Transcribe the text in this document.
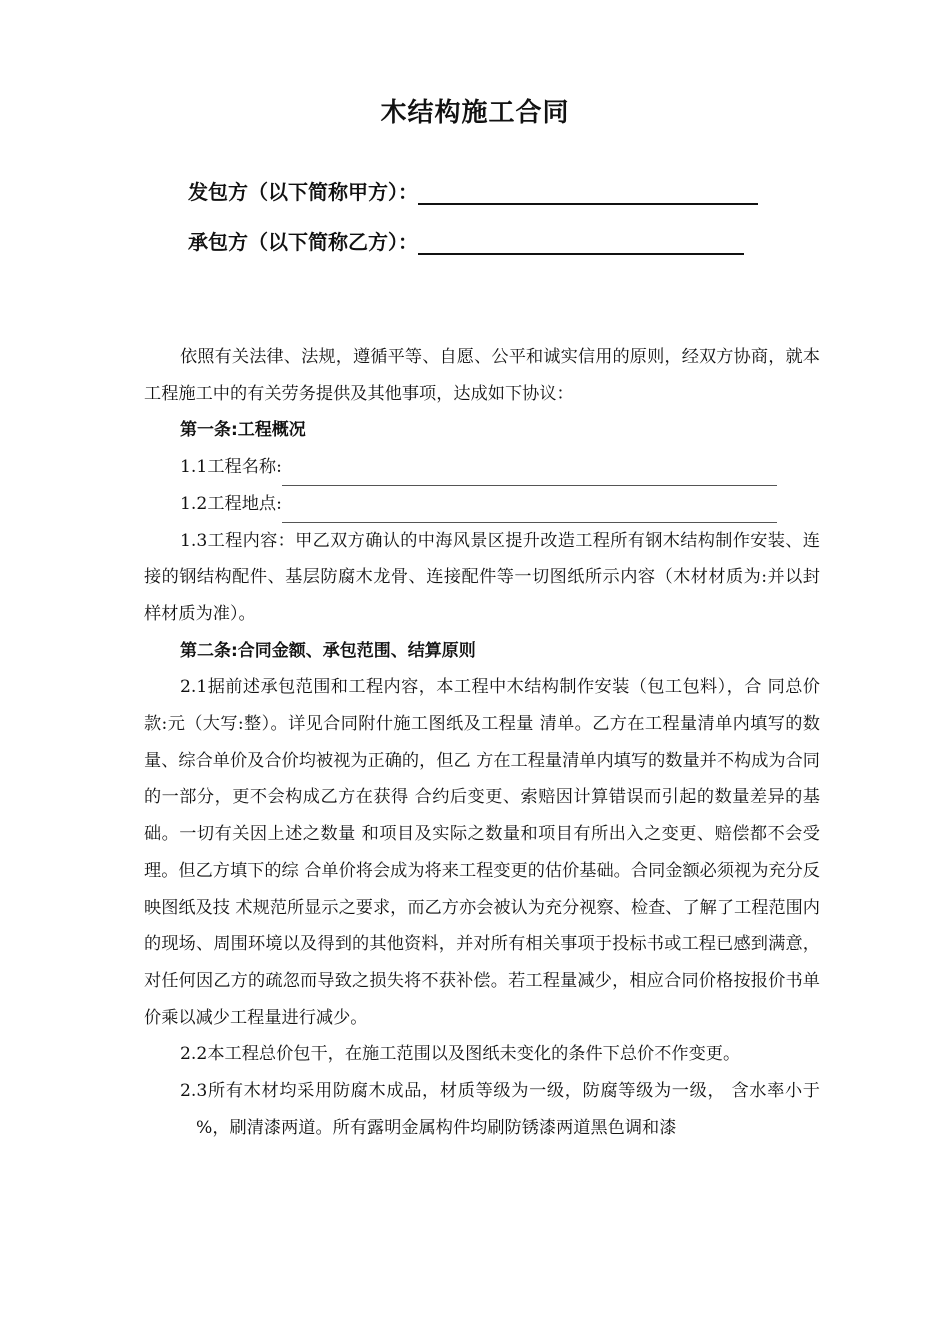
木结构施工合同
发包方（以下简称甲方）：
承包方（以下简称乙方）：

依照有关法律、法规，遵循平等、自愿、公平和诚实信用的原则，经双方协商，就本工程施工中的有关劳务提供及其他事项，达成如下协议：

第一条:工程概况

1.1工程名称:

1.2工程地点:

1.3工程内容：甲乙双方确认的中海风景区提升改造工程所有钢木结构制作安装、连接的钢结构配件、基层防腐木龙骨、连接配件等一切图纸所示内容（木材材质为:并以封样材质为准）。

第二条:合同金额、承包范围、结算原则

2.1据前述承包范围和工程内容，本工程中木结构制作安装（包工包料），合 同总价款:元（大写:整）。详见合同附什施工图纸及工程量 清单。乙方在工程量清单内填写的数量、综合单价及合价均被视为正确的，但乙 方在工程量清单内填写的数量并不构成为合同的一部分，更不会构成乙方在获得 合约后变更、索赔因计算错误而引起的数量差异的基础。一切有关因上述之数量 和项目及实际之数量和项目有所出入之变更、赔偿都不会受理。但乙方填下的综 合单价将会成为将来工程变更的估价基础。合同金额必须视为充分反映图纸及技 术规范所显示之要求，而乙方亦会被认为充分视察、检查、了解了工程范围内的现场、周围环境以及得到的其他资料，并对所有相关事项于投标书或工程已感到满意，对任何因乙方的疏忽而导致之损失将不获补偿。若工程量减少，相应合同价格按报价书单价乘以减少工程量进行减少。

2.2本工程总价包干，在施工范围以及图纸未变化的条件下总价不作变更。

2.3所有木材均采用防腐木成品，材质等级为一级，防腐等级为一级， 含水率小于%，刷清漆两道。所有露明金属构件均刷防锈漆两道黑色调和漆
